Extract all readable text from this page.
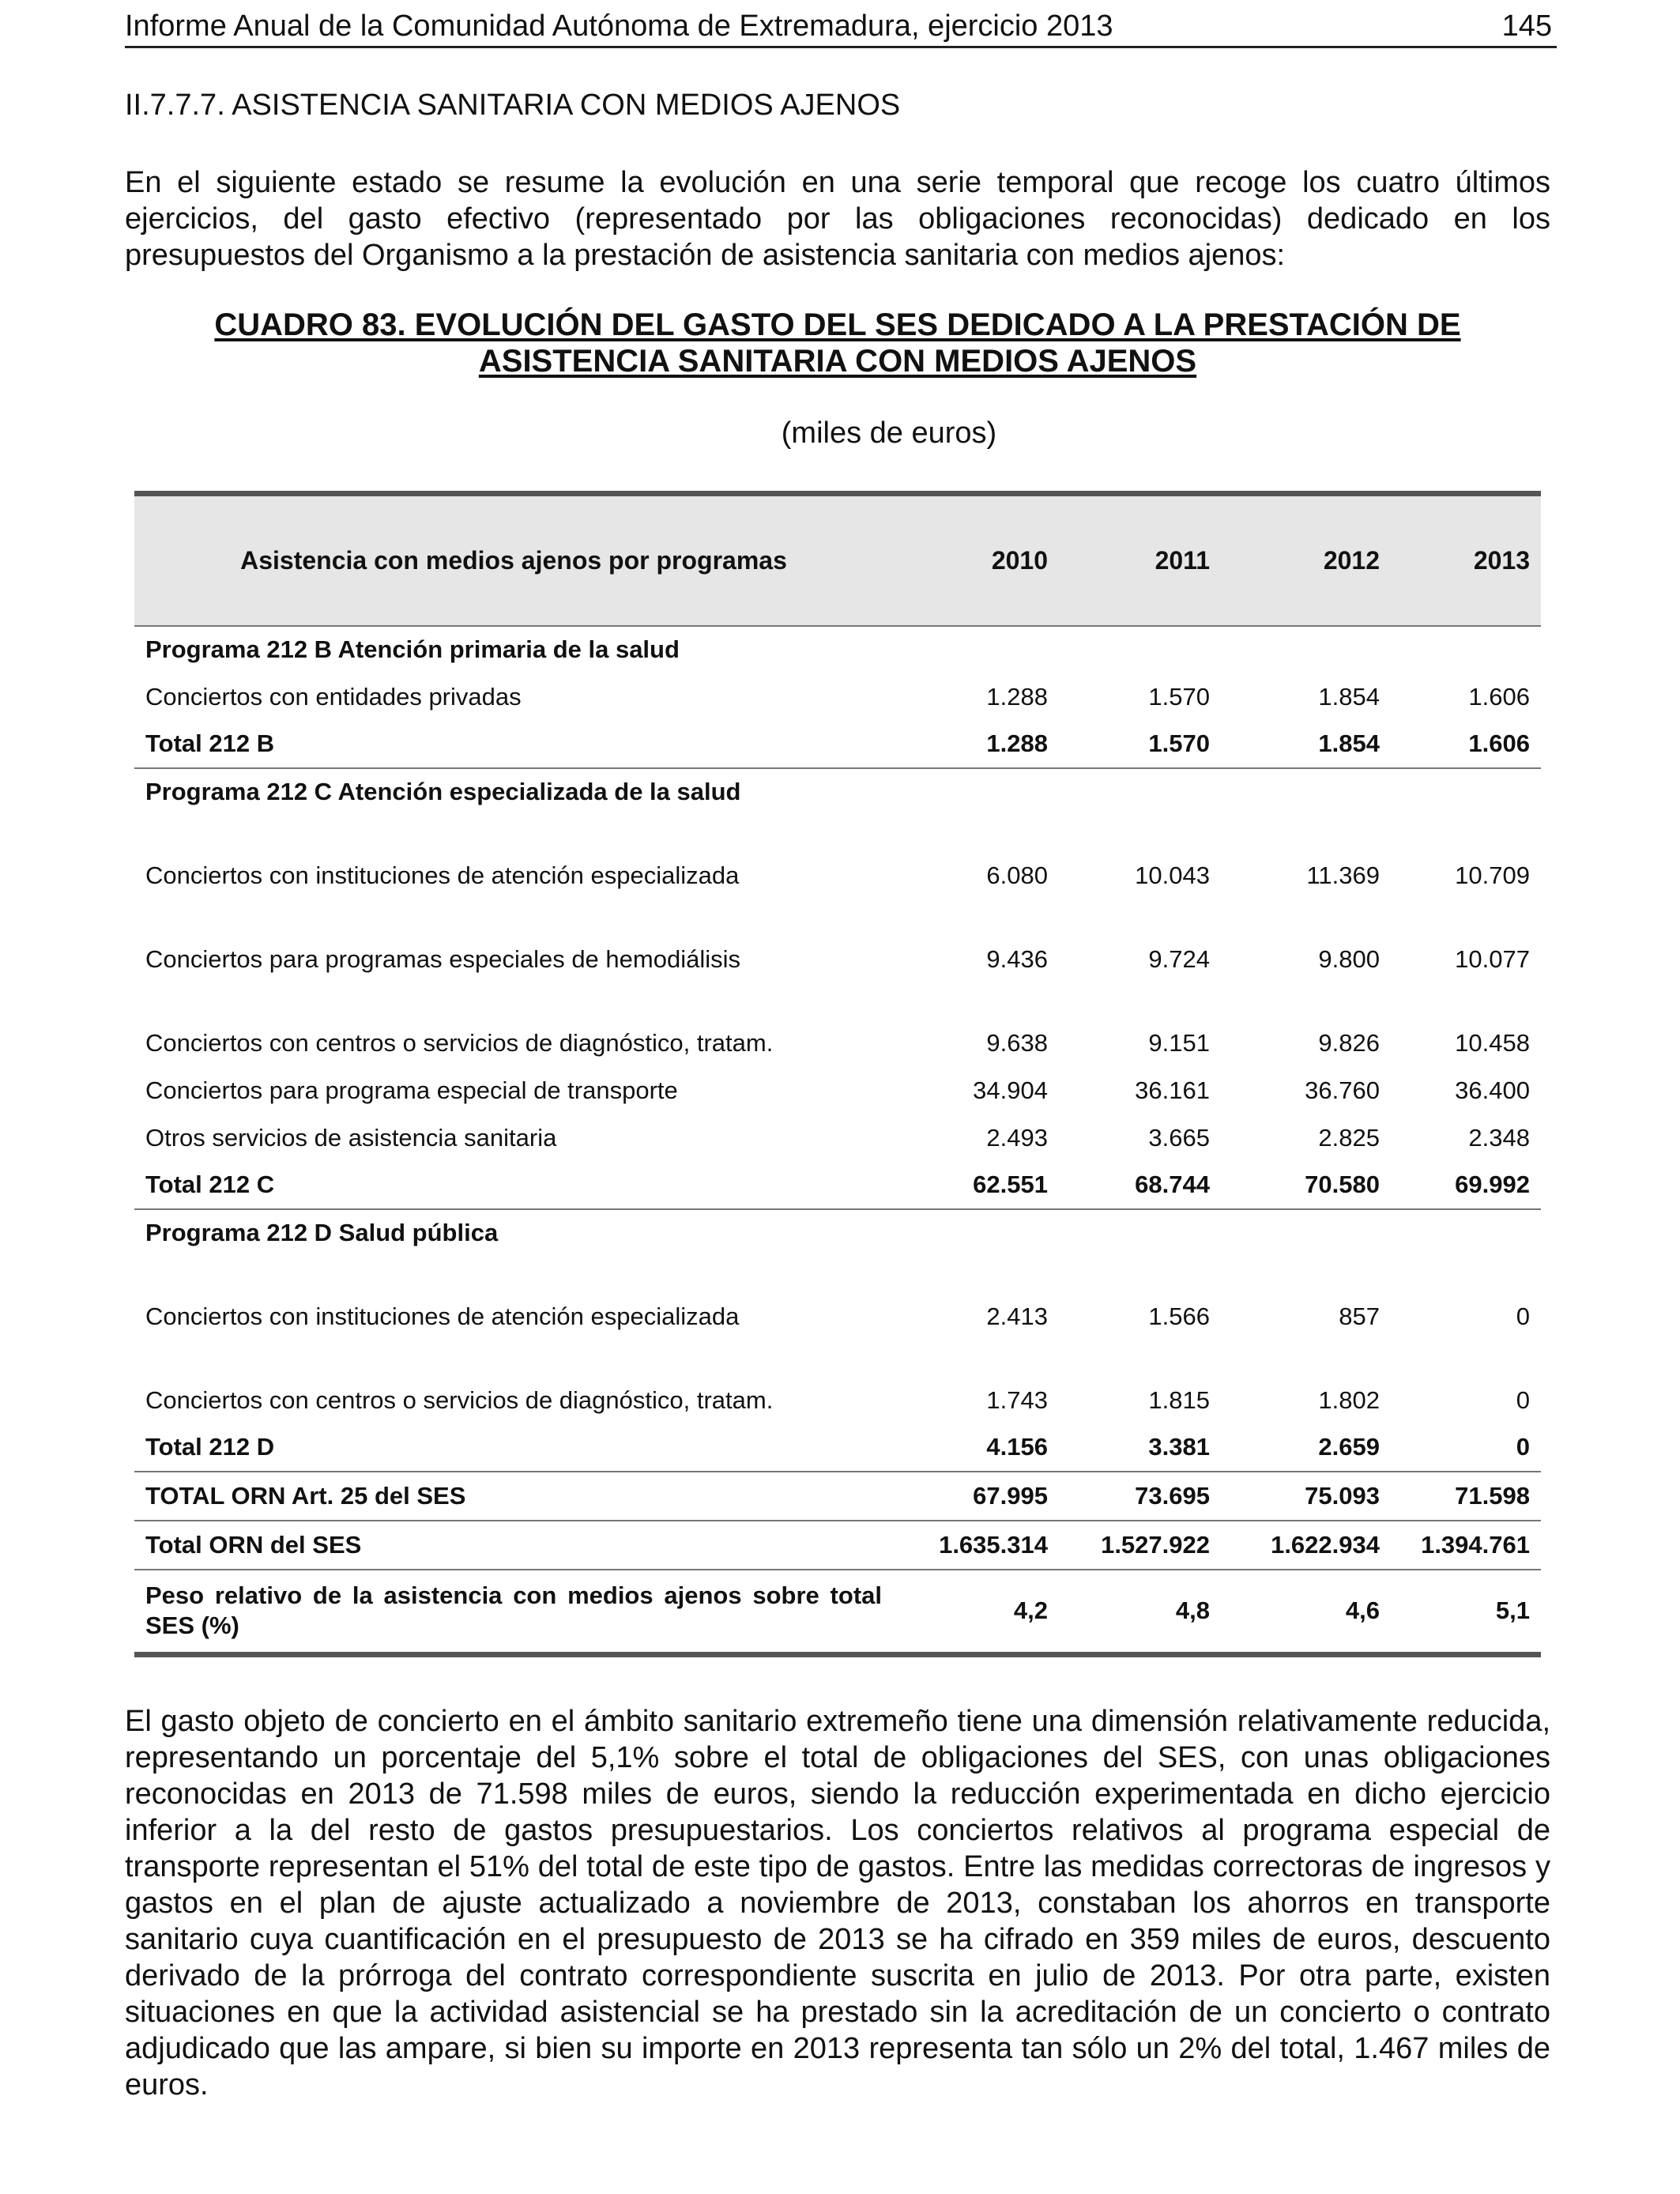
Informe Anual de la Comunidad Autónoma de Extremadura, ejercicio 2013	145
II.7.7.7. ASISTENCIA SANITARIA CON MEDIOS AJENOS
En el siguiente estado se resume la evolución en una serie temporal que recoge los cuatro últimos ejercicios, del gasto efectivo (representado por las obligaciones reconocidas) dedicado en los presupuestos del Organismo a la prestación de asistencia sanitaria con medios ajenos:
CUADRO 83. EVOLUCIÓN DEL GASTO DEL SES DEDICADO A LA PRESTACIÓN DE
ASISTENCIA SANITARIA CON MEDIOS AJENOS
(miles de euros)
Asistencia con medios ajenos por programas	2010	2011	2012	2013
Programa 212 B Atención primaria de la salud				
Conciertos con entidades privadas	1.288	1.570	1.854	1.606
Total 212 B	1.288	1.570	1.854	1.606
Programa 212 C Atención especializada de la salud				
Conciertos con instituciones de atención especializada	6.080	10.043	11.369	10.709
Conciertos para programas especiales de hemodiálisis	9.436	9.724	9.800	10.077
Conciertos con centros o servicios de diagnóstico, tratam.	9.638	9.151	9.826	10.458
Conciertos para programa especial de transporte	34.904	36.161	36.760	36.400
Otros servicios de asistencia sanitaria	2.493	3.665	2.825	2.348
Total 212 C	62.551	68.744	70.580	69.992
Programa 212 D Salud pública				
Conciertos con instituciones de atención especializada	2.413	1.566	857	0
Conciertos con centros o servicios de diagnóstico, tratam.	1.743	1.815	1.802	0
Total 212 D	4.156	3.381	2.659	0
TOTAL ORN Art. 25 del SES	67.995	73.695	75.093	71.598
Total ORN del SES	1.635.314	1.527.922	1.622.934	1.394.761
Peso relativo de la asistencia con medios ajenos sobre total SES (%)	4,2	4,8	4,6	5,1
El gasto objeto de concierto en el ámbito sanitario extremeño tiene una dimensión relativamente reducida, representando un porcentaje del 5,1% sobre el total de obligaciones del SES, con unas obligaciones reconocidas en 2013 de 71.598 miles de euros, siendo la reducción experimentada en dicho ejercicio inferior a la del resto de gastos presupuestarios. Los conciertos relativos al programa especial de transporte representan el 51% del total de este tipo de gastos. Entre las medidas correctoras de ingresos y gastos en el plan de ajuste actualizado a noviembre de 2013, constaban los ahorros en transporte sanitario cuya cuantificación en el presupuesto de 2013 se ha cifrado en 359 miles de euros, descuento derivado de la prórroga del contrato correspondiente suscrita en julio de 2013. Por otra parte, existen situaciones en que la actividad asistencial se ha prestado sin la acreditación de un concierto o contrato adjudicado que las ampare, si bien su importe en 2013 representa tan sólo un 2% del total, 1.467 miles de euros.
